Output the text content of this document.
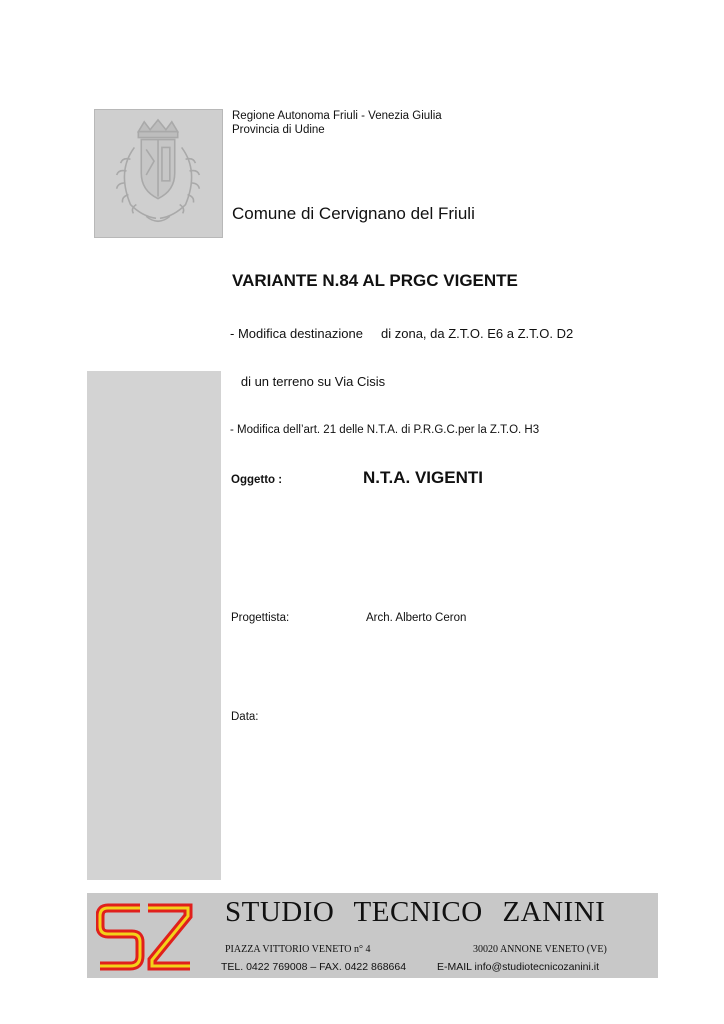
Regione Autonoma Friuli - Venezia Giulia
Provincia di Udine
Comune di Cervignano del Friuli
VARIANTE N.84 AL PRGC VIGENTE

- Modifica destinazione     di zona, da Z.T.O. E6 a Z.T.O. D2

di un terreno su Via Cisis

- Modifica dell’art. 21 delle N.T.A. di P.R.G.C.per la Z.T.O. H3

Oggetto :	N.T.A. VIGENTI
Progettista:	Arch. Alberto Ceron
Data:
STUDIO TECNICO ZANINI
PIAZZA VITTORIO VENETO n° 4	30020 ANNONE VENETO (VE)
TEL. 0422 769008 – FAX. 0422 868664	E-MAIL info@studiotecnicozanini.it
